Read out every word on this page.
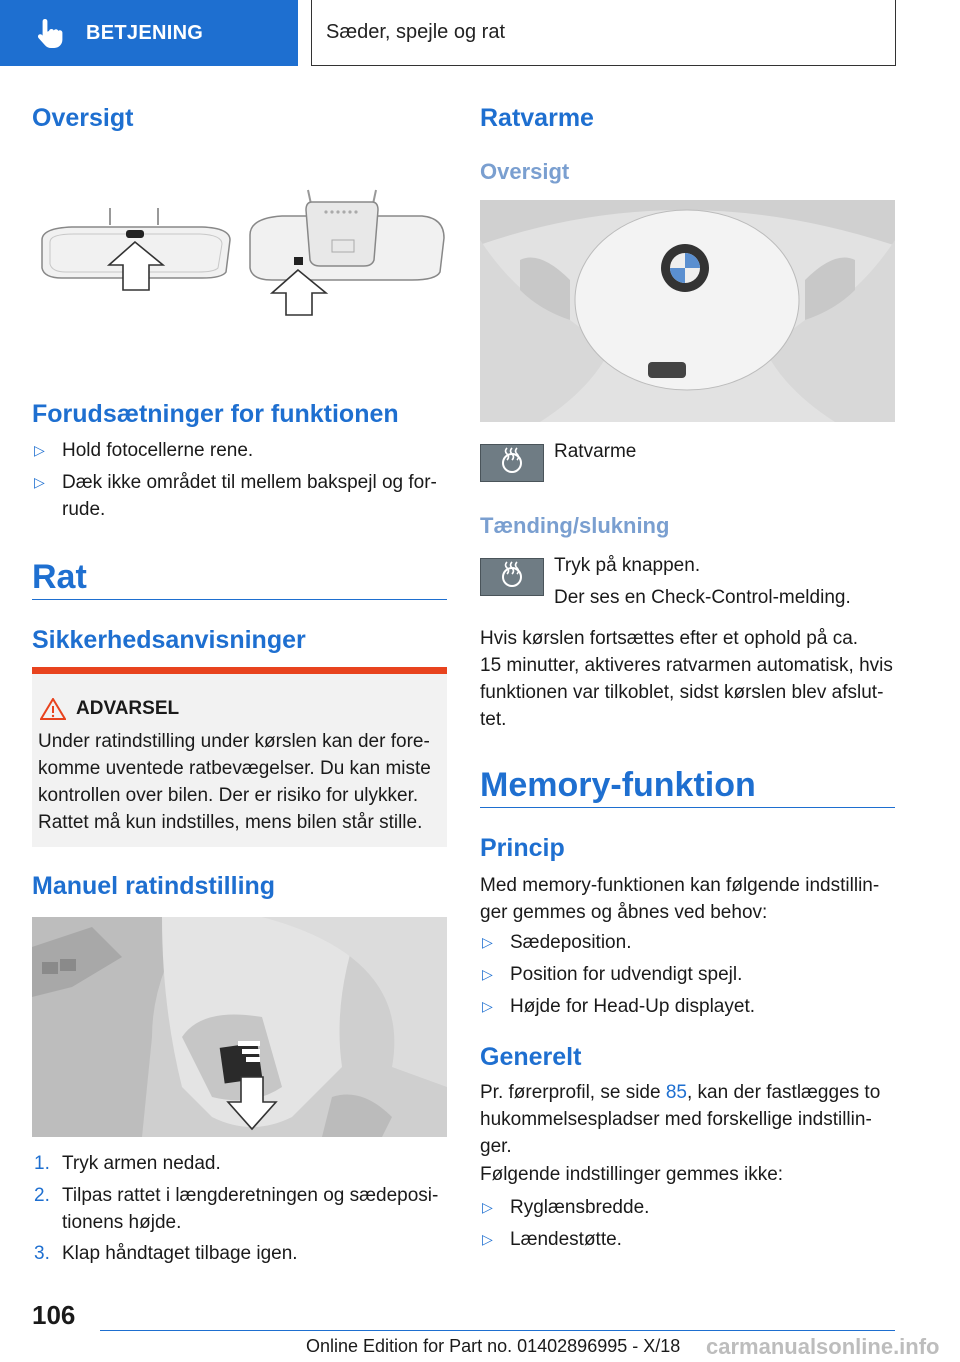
BETJENING	Sæder, spejle og rat
Oversigt
Forudsætninger for funktionen
▷ Hold fotocellerne rene.
▷ Dæk ikke området til mellem bakspejl og for-
rude.
Rat
Sikkerhedsanvisninger
ADVARSEL
Under ratindstilling under kørslen kan der fore-
komme uventede ratbevægelser. Du kan miste
kontrollen over bilen. Der er risiko for ulykker.
Rattet må kun indstilles, mens bilen står stille.
Manuel ratindstilling
1. Tryk armen nedad.
2. Tilpas rattet i længderetningen og sædeposi-
tionens højde.
3. Klap håndtaget tilbage igen.
Ratvarme
Oversigt
Ratvarme
Tænding/slukning
Tryk på knappen.
Der ses en Check-Control-melding.
Hvis kørslen fortsættes efter et ophold på ca.
15 minutter, aktiveres ratvarmen automatisk, hvis
funktionen var tilkoblet, sidst kørslen blev afslut-
tet.
Memory-funktion
Princip
Med memory-funktionen kan følgende indstillin-
ger gemmes og åbnes ved behov:
▷ Sædeposition.
▷ Position for udvendigt spejl.
▷ Højde for Head-Up displayet.
Generelt
Pr. førerprofil, se side 85, kan der fastlægges to
hukommelsespladser med forskellige indstillin-
ger.
Følgende indstillinger gemmes ikke:
▷ Ryglænsbredde.
▷ Lændestøtte.
106
Online Edition for Part no. 01402896995 - X/18 carmanualsonline.info
